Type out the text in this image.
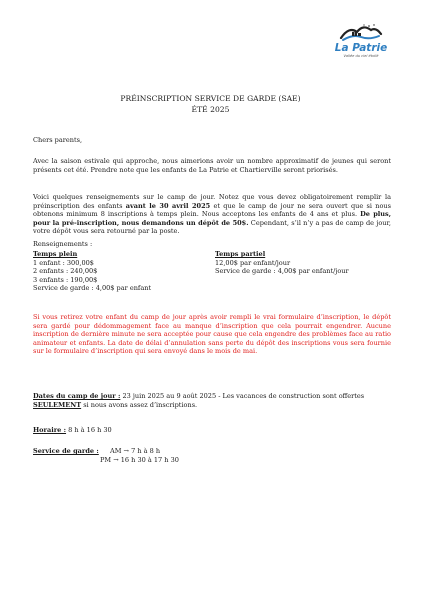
La Patrie
Vallée du ciel étoilé
PRÉINSCRIPTION SERVICE DE GARDE (SAE)
ÉTÉ 2025
Chers parents,
Avec la saison estivale qui approche, nous aimerions avoir un nombre approximatif de jeunes qui seront présents cet été. Prendre note que les enfants de La Patrie et Chartierville seront priorisés.
Voici quelques renseignements sur le camp de jour. Notez que vous devez obligatoirement remplir la préinscription des enfants avant le 30 avril 2025 et que le camp de jour ne sera ouvert que si nous obtenons minimum 8 inscriptions à temps plein. Nous acceptons les enfants de 4 ans et plus. De plus, pour la pré-inscription, nous demandons un dépôt de 50$. Cependant, s’il n’y a pas de camp de jour, votre dépôt vous sera retourné par la poste.
Renseignements :
Temps plein
1 enfant : 300,00$
2 enfants : 240,00$
3 enfants : 190,00$
Service de garde : 4,00$ par enfant
Temps partiel
12,00$ par enfant/jour
Service de garde : 4,00$ par enfant/jour
Si vous retirez votre enfant du camp de jour après avoir rempli le vrai formulaire d’inscription, le dépôt sera gardé pour dédommagement face au manque d’inscription que cela pourrait engendrer. Aucune inscription de dernière minute ne sera acceptée pour cause que cela engendre des problèmes face au ratio animateur et enfants. La date de délai d’annulation sans perte du dépôt des inscriptions vous sera fournie sur le formulaire d’inscription qui sera envoyé dans le mois de mai.
Dates du camp de jour : 23 juin 2025 au 9 août 2025 - Les vacances de construction sont offertes SEULEMENT si nous avons assez d’inscriptions.
Horaire : 8 h à 16 h 30
Service de garde : AM → 7 h à 8 h
PM → 16 h 30 à 17 h 30
